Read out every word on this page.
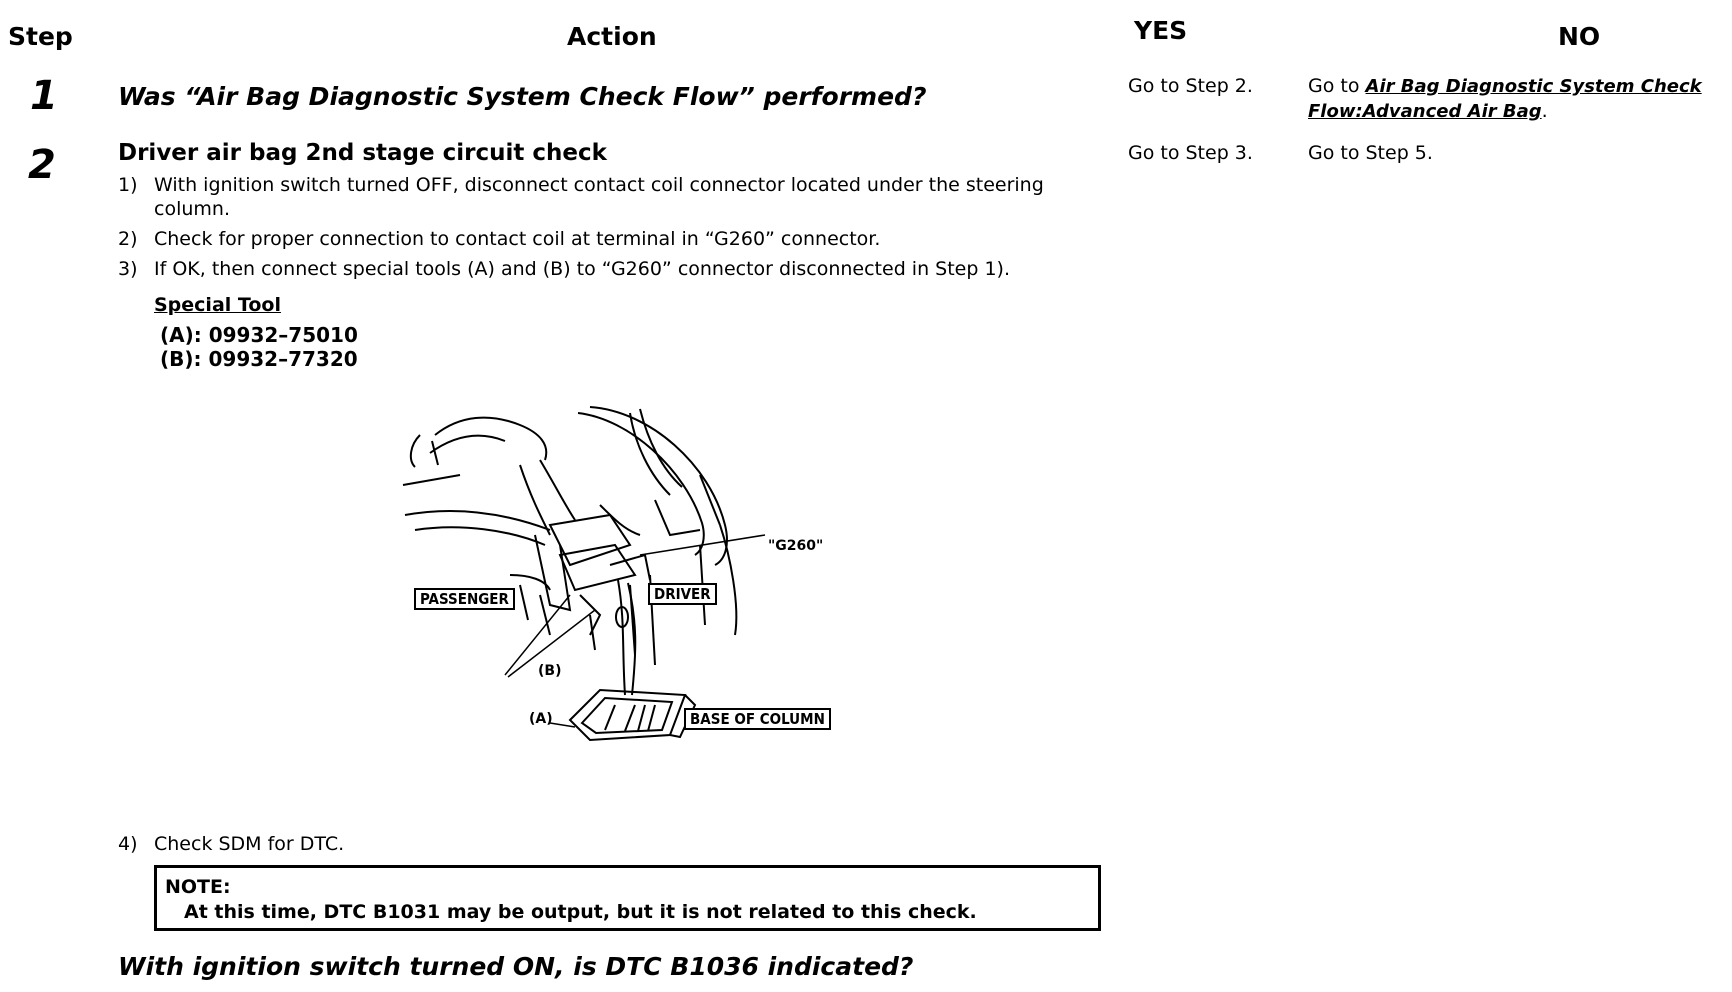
Step	Action	YES	NO
1 Was “Air Bag Diagnostic System Check Flow” performed?	Go to Step 2.	Go to Air Bag Diagnostic System Check
Flow:Advanced Air Bag.
2	Driver air bag 2nd stage circuit check	Go to Step 3.	Go to Step 5.
1) With ignition switch turned OFF, disconnect contact coil connector located under the steering column.
2) Check for proper connection to contact coil at terminal in “G260” connector.
3) If OK, then connect special tools (A) and (B) to “G260” connector disconnected in Step 1).
Special Tool
(A): 09932–75010
(B): 09932–77320
"G260"
PASSENGER	DRIVER
(B)
(A)	BASE OF COLUMN
4) Check SDM for DTC.
NOTE:
At this time, DTC B1031 may be output, but it is not related to this check.
With ignition switch turned ON, is DTC B1036 indicated?
